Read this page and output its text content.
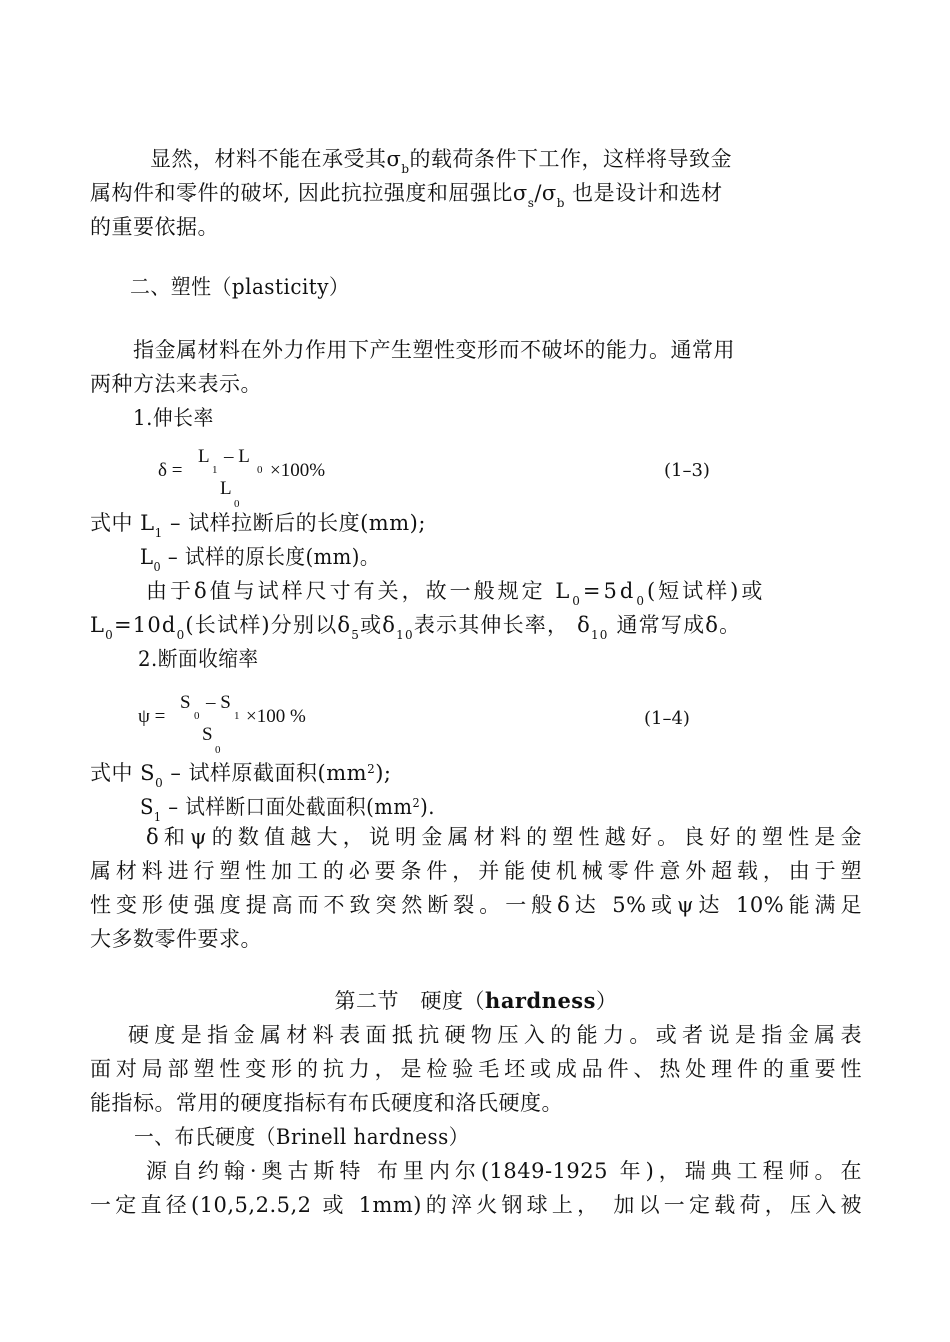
显然，材料不能在承受其$\sigma_b$的载荷条件下工作，这样将导致金
属构件和零件的破坏, 因此抗拉强度和屈强比$\sigma_s/\sigma_b$ 也是设计和选材
的重要依据。
二、塑性（plasticity）
指金属材料在外力作用下产生塑性变形而不破坏的能力。通常用
两种方法来表示。
1.伸长率
δ =
L
1
– L
0 ×100%
L
0
(1–3)
式中 $L_1$ – 试样拉断后的长度(mm);
$L_0$ – 试样的原长度(mm)。
由于δ值与试样尺寸有关，故一般规定 $L_0=5d_0$(短试样)或
$L_0=10d_0$(长试样)分别以$\delta_5$或$\delta_{10}$表示其伸长率， $\delta_{10}$ 通常写成δ。
2.断面收缩率
ψ =
S
0
– S
1 ×100 %
S
0
(1–4)
式中 $S_0$ – 试样原截面积$(mm^2)$;
$S_1$ – 试样断口面处截面积$(mm^2)$.
δ和ψ的数值越大，说明金属材料的塑性越好。良好的塑性是金
属材料进行塑性加工的必要条件，并能使机械零件意外超载，由于塑
性变形使强度提高而不致突然断裂。一般δ达 5%或ψ达 10%能满足
大多数零件要求。
第二节　硬度（hardness）
硬度是指金属材料表面抵抗硬物压入的能力。或者说是指金属表
面对局部塑性变形的抗力，是检验毛坯或成品件、热处理件的重要性
能指标。常用的硬度指标有布氏硬度和洛氏硬度。
一、布氏硬度（Brinell hardness）
源自约翰·奥古斯特 布里内尔(1849-1925 年)，瑞典工程师。在
一定直径(10,5,2.5,2 或 1mm)的淬火钢球上， 加以一定载荷，压入被
